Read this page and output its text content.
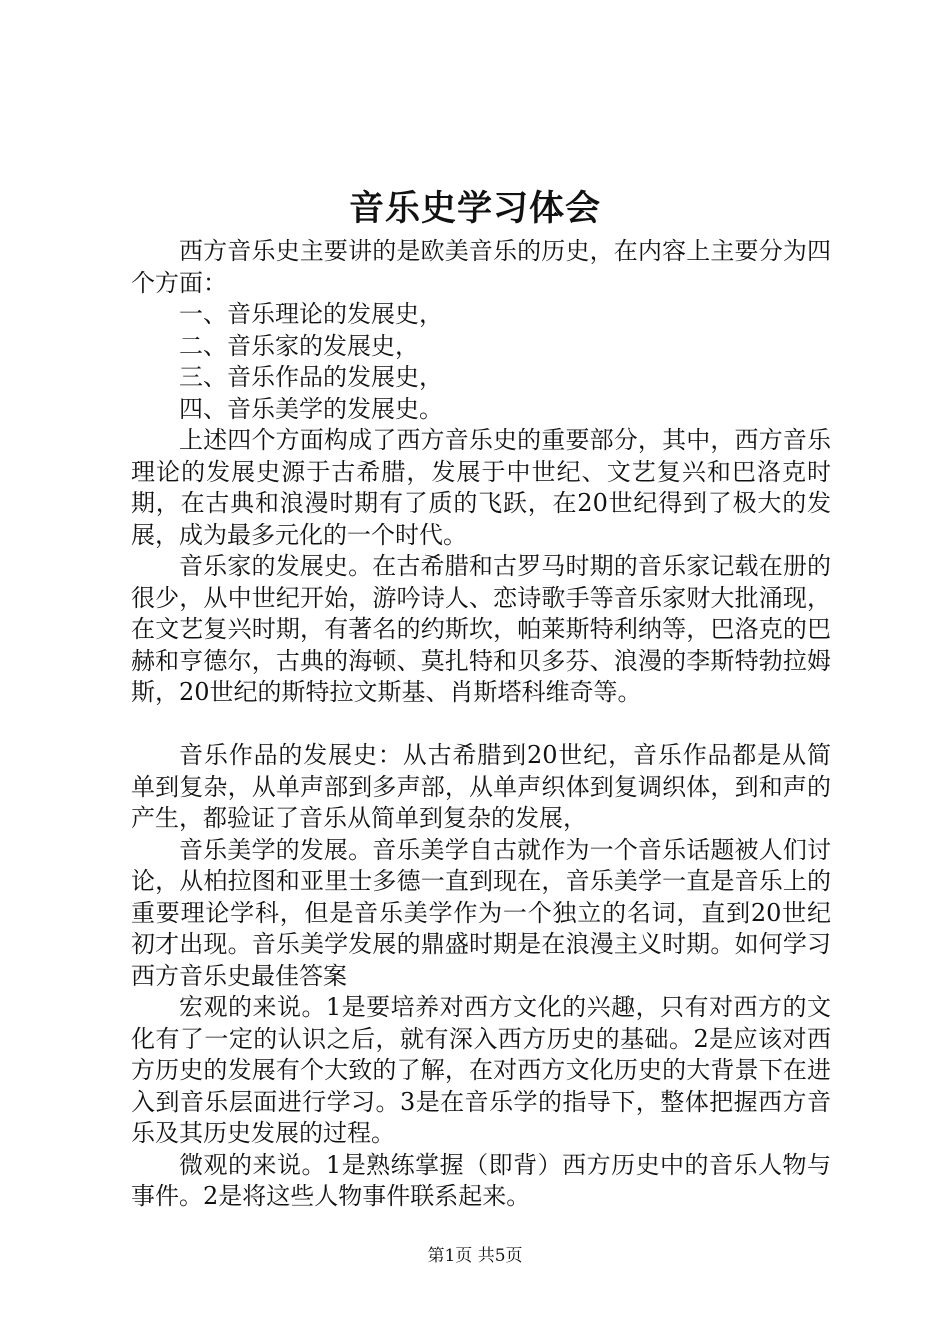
音乐史学习体会

西方音乐史主要讲的是欧美音乐的历史，在内容上主要分为四个方面：

一、音乐理论的发展史，

二、音乐家的发展史，

三、音乐作品的发展史，

四、音乐美学的发展史。

上述四个方面构成了西方音乐史的重要部分，其中，西方音乐理论的发展史源于古希腊，发展于中世纪、文艺复兴和巴洛克时期，在古典和浪漫时期有了质的飞跃，在20世纪得到了极大的发展，成为最多元化的一个时代。

音乐家的发展史。在古希腊和古罗马时期的音乐家记载在册的很少，从中世纪开始，游吟诗人、恋诗歌手等音乐家财大批涌现，在文艺复兴时期，有著名的约斯坎，帕莱斯特利纳等，巴洛克的巴赫和亨德尔，古典的海顿、莫扎特和贝多芬、浪漫的李斯特勃拉姆斯，20世纪的斯特拉文斯基、肖斯塔科维奇等。

音乐作品的发展史：从古希腊到20世纪，音乐作品都是从简单到复杂，从单声部到多声部，从单声织体到复调织体，到和声的产生，都验证了音乐从简单到复杂的发展，

音乐美学的发展。音乐美学自古就作为一个音乐话题被人们讨论，从柏拉图和亚里士多德一直到现在，音乐美学一直是音乐上的重要理论学科，但是音乐美学作为一个独立的名词，直到20世纪初才出现。音乐美学发展的鼎盛时期是在浪漫主义时期。如何学习西方音乐史最佳答案

宏观的来说。1是要培养对西方文化的兴趣，只有对西方的文化有了一定的认识之后，就有深入西方历史的基础。2是应该对西方历史的发展有个大致的了解，在对西方文化历史的大背景下在进入到音乐层面进行学习。3是在音乐学的指导下，整体把握西方音乐及其历史发展的过程。

微观的来说。1是熟练掌握（即背）西方历史中的音乐人物与事件。2是将这些人物事件联系起来。

第1页 共5页
